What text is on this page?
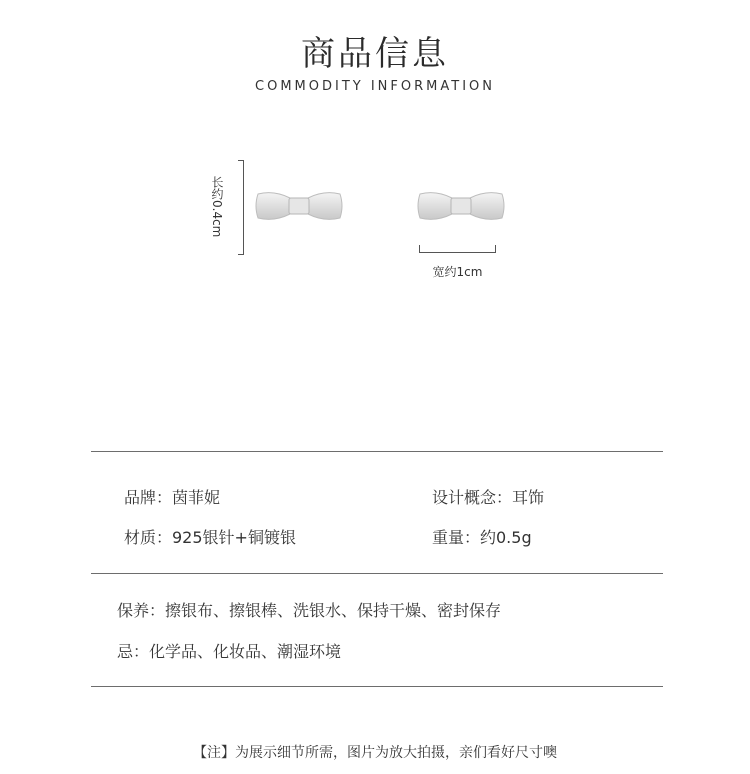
商品信息
COMMODITY INFORMATION
长约0.4cm
宽约1cm
品牌：茵菲妮	设计概念：耳饰
材质：925银针+铜镀银	重量：约0.5g
保养：擦银布、擦银棒、洗银水、保持干燥、密封保存
忌：化学品、化妆品、潮湿环境
【注】为展示细节所需，图片为放大拍摄，亲们看好尺寸噢
